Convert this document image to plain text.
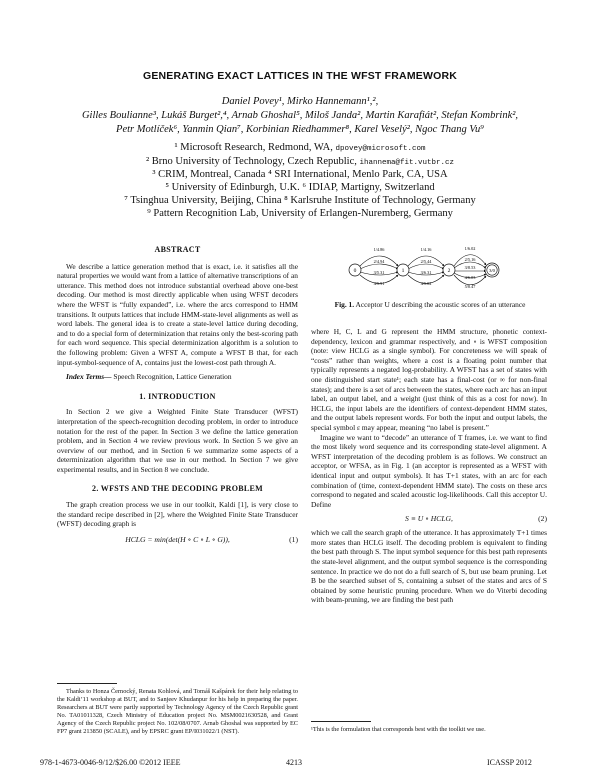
GENERATING EXACT LATTICES IN THE WFST FRAMEWORK
Daniel Povey¹, Mirko Hannemann¹,²,
Gilles Boulianne³, Lukáš Burget²,⁴, Arnab Ghoshal⁵, Miloš Janda², Martin Karafiát², Stefan Kombrink²,
Petr Motlíček⁶, Yanmin Qian⁷, Korbinian Riedhammer⁸, Karel Veselý², Ngoc Thang Vu⁹
¹ Microsoft Research, Redmond, WA, dpovey@microsoft.com
² Brno University of Technology, Czech Republic, ihannema@fit.vutbr.cz
³ CRIM, Montreal, Canada ⁴ SRI International, Menlo Park, CA, USA
⁵ University of Edinburgh, U.K. ⁶ IDIAP, Martigny, Switzerland
⁷ Tsinghua University, Beijing, China ⁸ Karlsruhe Institute of Technology, Germany
⁹ Pattern Recognition Lab, University of Erlangen-Nuremberg, Germany
ABSTRACT

We describe a lattice generation method that is exact, i.e. it satisfies all the natural properties we would want from a lattice of alternative transcriptions of an utterance. This method does not introduce substantial overhead above one-best decoding. Our method is most directly applicable when using WFST decoders where the WFST is “fully expanded”, i.e. where the arcs correspond to HMM transitions. It outputs lattices that include HMM-state-level alignments as well as word labels. The general idea is to create a state-level lattice during decoding, and to do a special form of determinization that retains only the best-scoring path for each word sequence. This special determinization algorithm is a solution to the following problem: Given a WFST A, compute a WFST B that, for each input-symbol-sequence of A, contains just the lowest-cost path through A.

Index Terms— Speech Recognition, Lattice Generation

1. INTRODUCTION

In Section 2 we give a Weighted Finite State Transducer (WFST) interpretation of the speech-recognition decoding problem, in order to introduce notation for the rest of the paper. In Section 3 we define the lattice generation problem, and in Section 4 we review previous work. In Section 5 we give an overview of our method, and in Section 6 we summarize some aspects of a determinization algorithm that we use in our method. In Section 7 we give experimental results, and in Section 8 we conclude.

2. WFSTS AND THE DECODING PROBLEM

The graph creation process we use in our toolkit, Kaldi [1], is very close to the standard recipe described in [2], where the Weighted Finite State Transducer (WFST) decoding graph is

HCLG = min(det(H ∘ C ∘ L ∘ G)),	(1)
Thanks to Honza Černocký, Renata Kohlová, and Tomáš Kašpárek for their help relating to the Kaldi’11 workshop at BUT, and to Sanjeev Khudanpur for his help in preparing the paper. Researchers at BUT were partly supported by Technology Agency of the Czech Republic grant No. TA01011328, Czech Ministry of Education project No. MSM0021630528, and Grant Agency of the Czech Republic project No. 102/08/0707. Arnab Ghoshal was supported by EC FP7 grant 213850 (SCALE), and by EPSRC grant EP/I031022/1 (NST).
0	1	2	3/0
1/4.86
2/4.94
3/5.31
4/5.91
1/4.16
2/5.44
3/6.31
4/5.02
1/6.02
2/5.16
3/8.53
4/6.03
5/8.47
Fig. 1. Acceptor U describing the acoustic scores of an utterance

where H, C, L and G represent the HMM structure, phonetic context-dependency, lexicon and grammar respectively, and ∘ is WFST composition (note: view HCLG as a single symbol). For concreteness we will speak of “costs” rather than weights, where a cost is a floating point number that typically represents a negated log-probability. A WFST has a set of states with one distinguished start state¹; each state has a final-cost (or ∞ for non-final states); and there is a set of arcs between the states, where each arc has an input label, an output label, and a weight (just think of this as a cost for now). In HCLG, the input labels are the identifiers of context-dependent HMM states, and the output labels represent words. For both the input and output labels, the special symbol ε may appear, meaning “no label is present.”

Imagine we want to “decode” an utterance of T frames, i.e. we want to find the most likely word sequence and its corresponding state-level alignment. A WFST interpretation of the decoding problem is as follows. We construct an acceptor, or WFSA, as in Fig. 1 (an acceptor is represented as a WFST with identical input and output symbols). It has T+1 states, with an arc for each combination of (time, context-dependent HMM state). The costs on these arcs correspond to negated and scaled acoustic log-likelihoods. Call this acceptor U. Define

S ≡ U ∘ HCLG,	(2)

which we call the search graph of the utterance. It has approximately T+1 times more states than HCLG itself. The decoding problem is equivalent to finding the best path through S. The input symbol sequence for this best path represents the state-level alignment, and the output symbol sequence is the corresponding sentence. In practice we do not do a full search of S, but use beam pruning. Let B be the searched subset of S, containing a subset of the states and arcs of S obtained by some heuristic pruning procedure. When we do Viterbi decoding with beam-pruning, we are finding the best path

¹This is the formulation that corresponds best with the toolkit we use.
978-1-4673-0046-9/12/$26.00 ©2012 IEEE	4213	ICASSP 2012
